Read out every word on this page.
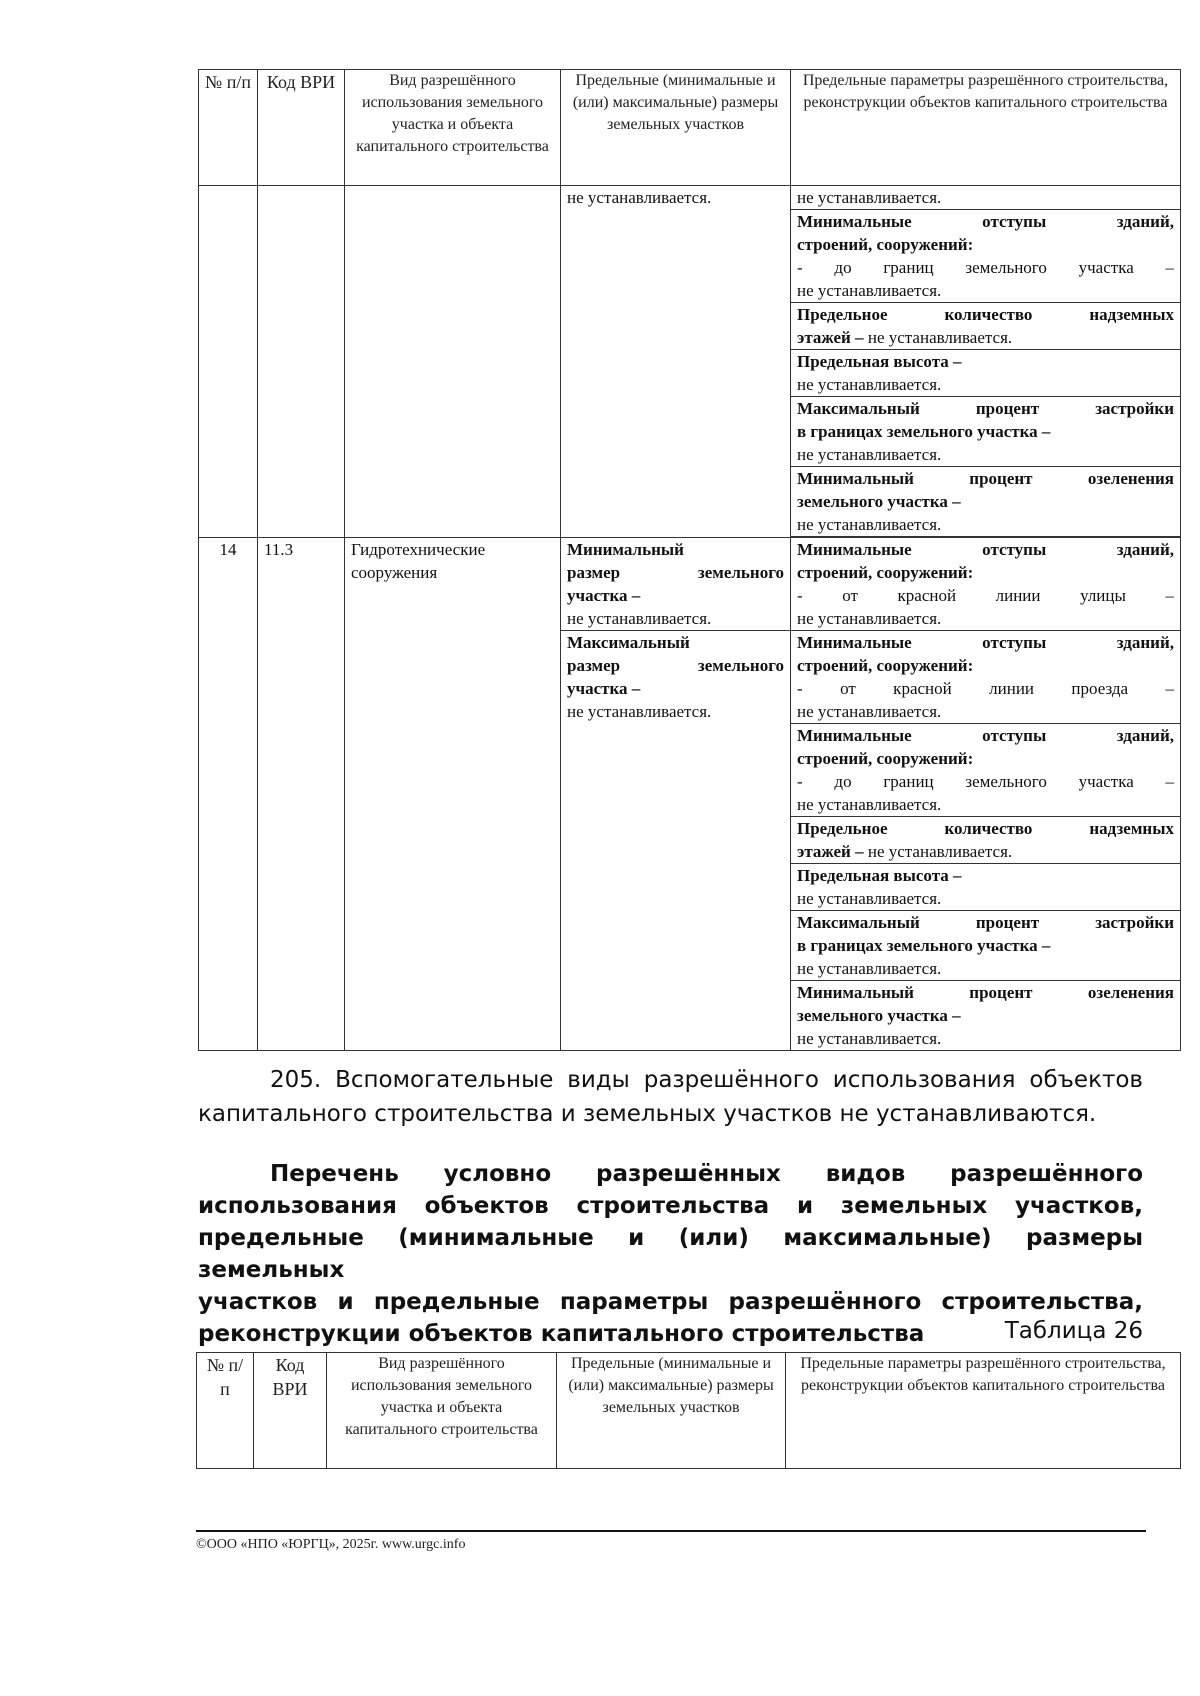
№ п/п	Код ВРИ	Вид разрешённого использования земельного участка и объекта капитального строительства	Предельные (минимальные и (или) максимальные) размеры земельных участков	Предельные параметры разрешённого строительства, реконструкции объектов капитального строительства
			не устанавливается.	не устанавливается.

				Минимальные отступы зданий,
строений, сооружений:
- до границ земельного участка –
не устанавливается.

				Предельное количество надземных
этажей – не устанавливается.

				Предельная высота –
не устанавливается.

				Максимальный процент застройки
в границах земельного участка –
не устанавливается.

				Минимальный процент озеленения
земельного участка –
не устанавливается.

14	11.3	Гидротехнические сооружения	Минимальный
размер земельного
участка –
не устанавливается.	Минимальные отступы зданий,
строений, сооружений:
- от красной линии улицы –
не устанавливается.

			Максимальный
размер земельного
участка –
не устанавливается.	Минимальные отступы зданий,
строений, сооружений:
- от красной линии проезда –
не устанавливается.

				Минимальные отступы зданий,
строений, сооружений:
- до границ земельного участка –
не устанавливается.

				Предельное количество надземных
этажей – не устанавливается.

				Предельная высота –
не устанавливается.

				Максимальный процент застройки
в границах земельного участка –
не устанавливается.

				Минимальный процент озеленения
земельного участка –
не устанавливается.
205. Вспомогательные виды разрешённого использования объектов
капитального строительства и земельных участков не устанавливаются.
Перечень условно разрешённых видов разрешённого
использования объектов строительства и земельных участков,
предельные (минимальные и (или) максимальные) размеры земельных
участков и предельные параметры разрешённого строительства,
реконструкции объектов капитального строительства	Таблица 26
№ п/п	Код ВРИ	Вид разрешённого использования земельного участка и объекта капитального строительства	Предельные (минимальные и (или) максимальные) размеры земельных участков	Предельные параметры разрешённого строительства, реконструкции объектов капитального строительства
©ООО «НПО «ЮРГЦ», 2025г. www.urgc.info
